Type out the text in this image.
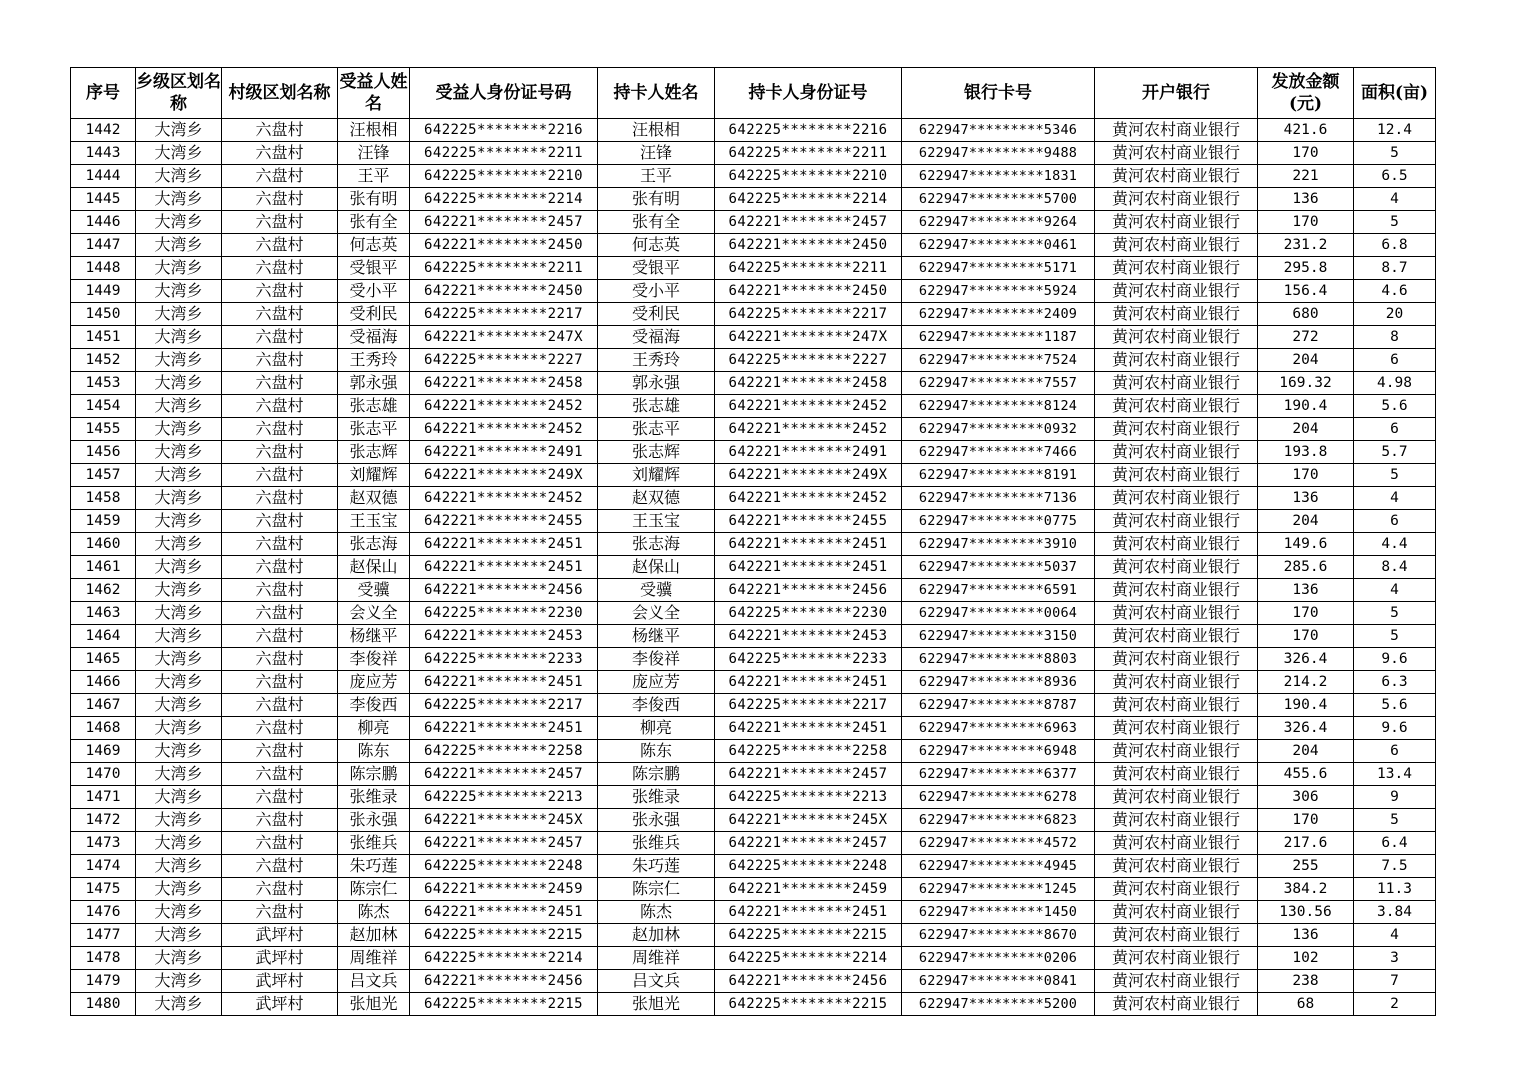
序号	乡级区划名称	村级区划名称	受益人姓名	受益人身份证号码	持卡人姓名	持卡人身份证号	银行卡号	开户银行	发放金额(元)	面积(亩)
1442	大湾乡	六盘村	汪根相	642225********2216	汪根相	642225********2216	622947*********5346	黄河农村商业银行	421.6	12.4
1443	大湾乡	六盘村	汪锋	642225********2211	汪锋	642225********2211	622947*********9488	黄河农村商业银行	170	5
1444	大湾乡	六盘村	王平	642225********2210	王平	642225********2210	622947*********1831	黄河农村商业银行	221	6.5
1445	大湾乡	六盘村	张有明	642225********2214	张有明	642225********2214	622947*********5700	黄河农村商业银行	136	4
1446	大湾乡	六盘村	张有全	642221********2457	张有全	642221********2457	622947*********9264	黄河农村商业银行	170	5
1447	大湾乡	六盘村	何志英	642221********2450	何志英	642221********2450	622947*********0461	黄河农村商业银行	231.2	6.8
1448	大湾乡	六盘村	受银平	642225********2211	受银平	642225********2211	622947*********5171	黄河农村商业银行	295.8	8.7
1449	大湾乡	六盘村	受小平	642221********2450	受小平	642221********2450	622947*********5924	黄河农村商业银行	156.4	4.6
1450	大湾乡	六盘村	受利民	642225********2217	受利民	642225********2217	622947*********2409	黄河农村商业银行	680	20
1451	大湾乡	六盘村	受福海	642221********247X	受福海	642221********247X	622947*********1187	黄河农村商业银行	272	8
1452	大湾乡	六盘村	王秀玲	642225********2227	王秀玲	642225********2227	622947*********7524	黄河农村商业银行	204	6
1453	大湾乡	六盘村	郭永强	642221********2458	郭永强	642221********2458	622947*********7557	黄河农村商业银行	169.32	4.98
1454	大湾乡	六盘村	张志雄	642221********2452	张志雄	642221********2452	622947*********8124	黄河农村商业银行	190.4	5.6
1455	大湾乡	六盘村	张志平	642221********2452	张志平	642221********2452	622947*********0932	黄河农村商业银行	204	6
1456	大湾乡	六盘村	张志辉	642221********2491	张志辉	642221********2491	622947*********7466	黄河农村商业银行	193.8	5.7
1457	大湾乡	六盘村	刘耀辉	642221********249X	刘耀辉	642221********249X	622947*********8191	黄河农村商业银行	170	5
1458	大湾乡	六盘村	赵双德	642221********2452	赵双德	642221********2452	622947*********7136	黄河农村商业银行	136	4
1459	大湾乡	六盘村	王玉宝	642221********2455	王玉宝	642221********2455	622947*********0775	黄河农村商业银行	204	6
1460	大湾乡	六盘村	张志海	642221********2451	张志海	642221********2451	622947*********3910	黄河农村商业银行	149.6	4.4
1461	大湾乡	六盘村	赵保山	642221********2451	赵保山	642221********2451	622947*********5037	黄河农村商业银行	285.6	8.4
1462	大湾乡	六盘村	受骥	642221********2456	受骥	642221********2456	622947*********6591	黄河农村商业银行	136	4
1463	大湾乡	六盘村	会义全	642225********2230	会义全	642225********2230	622947*********0064	黄河农村商业银行	170	5
1464	大湾乡	六盘村	杨继平	642221********2453	杨继平	642221********2453	622947*********3150	黄河农村商业银行	170	5
1465	大湾乡	六盘村	李俊祥	642225********2233	李俊祥	642225********2233	622947*********8803	黄河农村商业银行	326.4	9.6
1466	大湾乡	六盘村	庞应芳	642221********2451	庞应芳	642221********2451	622947*********8936	黄河农村商业银行	214.2	6.3
1467	大湾乡	六盘村	李俊西	642225********2217	李俊西	642225********2217	622947*********8787	黄河农村商业银行	190.4	5.6
1468	大湾乡	六盘村	柳亮	642221********2451	柳亮	642221********2451	622947*********6963	黄河农村商业银行	326.4	9.6
1469	大湾乡	六盘村	陈东	642225********2258	陈东	642225********2258	622947*********6948	黄河农村商业银行	204	6
1470	大湾乡	六盘村	陈宗鹏	642221********2457	陈宗鹏	642221********2457	622947*********6377	黄河农村商业银行	455.6	13.4
1471	大湾乡	六盘村	张维录	642225********2213	张维录	642225********2213	622947*********6278	黄河农村商业银行	306	9
1472	大湾乡	六盘村	张永强	642221********245X	张永强	642221********245X	622947*********6823	黄河农村商业银行	170	5
1473	大湾乡	六盘村	张维兵	642221********2457	张维兵	642221********2457	622947*********4572	黄河农村商业银行	217.6	6.4
1474	大湾乡	六盘村	朱巧莲	642225********2248	朱巧莲	642225********2248	622947*********4945	黄河农村商业银行	255	7.5
1475	大湾乡	六盘村	陈宗仁	642221********2459	陈宗仁	642221********2459	622947*********1245	黄河农村商业银行	384.2	11.3
1476	大湾乡	六盘村	陈杰	642221********2451	陈杰	642221********2451	622947*********1450	黄河农村商业银行	130.56	3.84
1477	大湾乡	武坪村	赵加林	642225********2215	赵加林	642225********2215	622947*********8670	黄河农村商业银行	136	4
1478	大湾乡	武坪村	周维祥	642225********2214	周维祥	642225********2214	622947*********0206	黄河农村商业银行	102	3
1479	大湾乡	武坪村	吕文兵	642221********2456	吕文兵	642221********2456	622947*********0841	黄河农村商业银行	238	7
1480	大湾乡	武坪村	张旭光	642225********2215	张旭光	642225********2215	622947*********5200	黄河农村商业银行	68	2
